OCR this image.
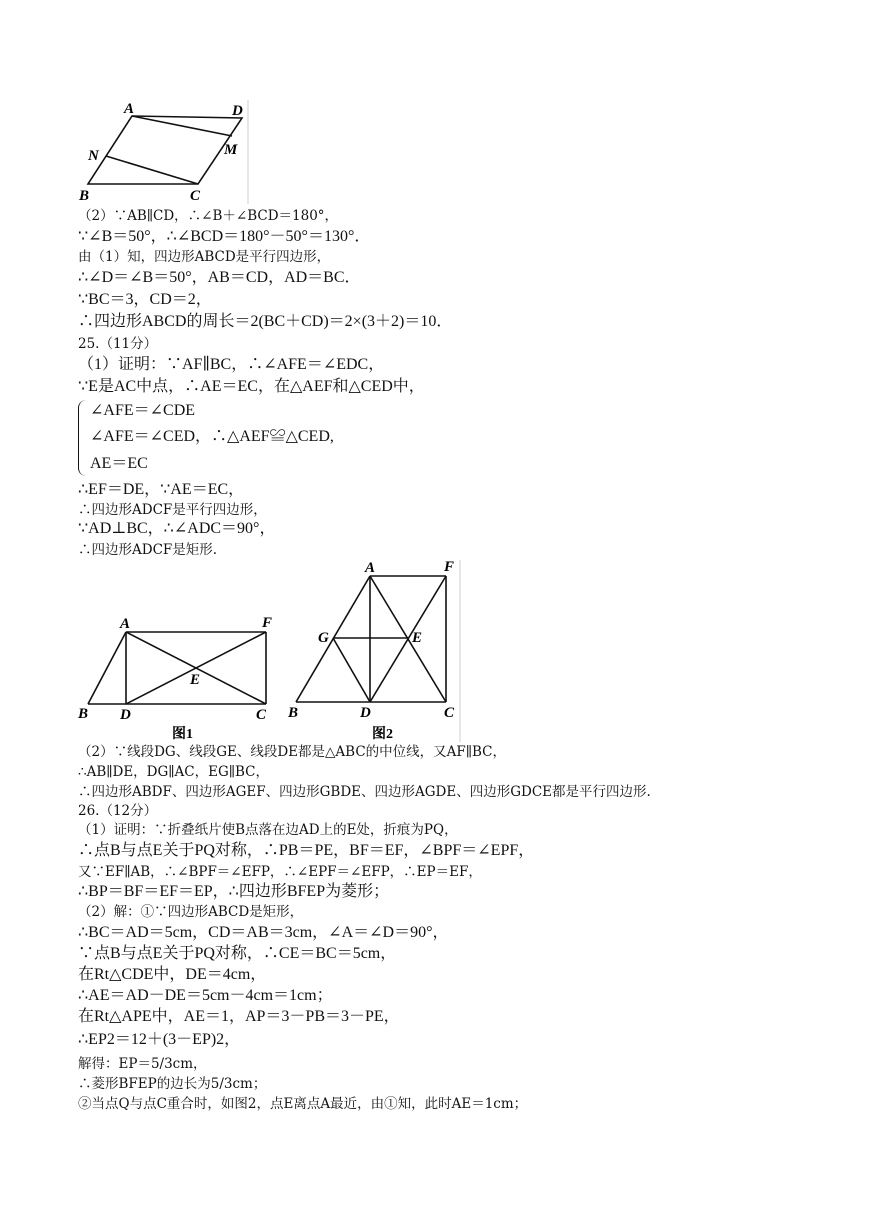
A	D
N	M
B	C
A	F
E
B D	C
图1
A	F
G	E
B	D	C
图2
（2）∵AB∥CD，∴∠B＋∠BCD＝180°，
∵∠B＝50°，∴∠BCD＝180°－50°＝130°．
由（1）知，四边形ABCD是平行四边形，
∴∠D＝∠B＝50°，AB＝CD，AD＝BC．
∵BC＝3，CD＝2，
∴四边形ABCD的周长＝2(BC＋CD)＝2×(3＋2)＝10．
25.（11分）
（1）证明：∵AF∥BC，∴∠AFE＝∠EDC，
∵E是AC中点，∴AE＝EC，在△AEF和△CED中，
∠AFE＝∠CDE
∠AFE＝∠CED，∴△AEF≌△CED,
AE＝EC
∴EF＝DE，∵AE＝EC，
∴四边形ADCF是平行四边形，
∵AD⊥BC，∴∠ADC＝90°，
∴四边形ADCF是矩形.
（2）∵线段DG、线段GE、线段DE都是△ABC的中位线，又AF∥BC，
∴AB∥DE，DG∥AC，EG∥BC，
∴四边形ABDF、四边形AGEF、四边形GBDE、四边形AGDE、四边形GDCE都是平行四边形.
26.（12分）
（1）证明：∵折叠纸片使B点落在边AD上的E处，折痕为PQ，
∴点B与点E关于PQ对称，∴PB＝PE，BF＝EF，∠BPF＝∠EPF，
又∵EF∥AB，∴∠BPF＝∠EFP，∴∠EPF＝∠EFP，∴EP＝EF，
∴BP＝BF＝EF＝EP，∴四边形BFEP为菱形；
（2）解：①∵四边形ABCD是矩形，
∴BC＝AD＝5cm，CD＝AB＝3cm，∠A＝∠D＝90°，
∵点B与点E关于PQ对称，∴CE＝BC＝5cm，
在Rt△CDE中，DE＝4cm，
∴AE＝AD－DE＝5cm－4cm＝1cm；
在Rt△APE中，AE＝1，AP＝3－PB＝3－PE，
∴EP2＝12＋(3－EP)2，
解得：EP＝5/3cm，
∴菱形BFEP的边长为5/3cm；
②当点Q与点C重合时，如图2，点E离点A最近，由①知，此时AE＝1cm；
